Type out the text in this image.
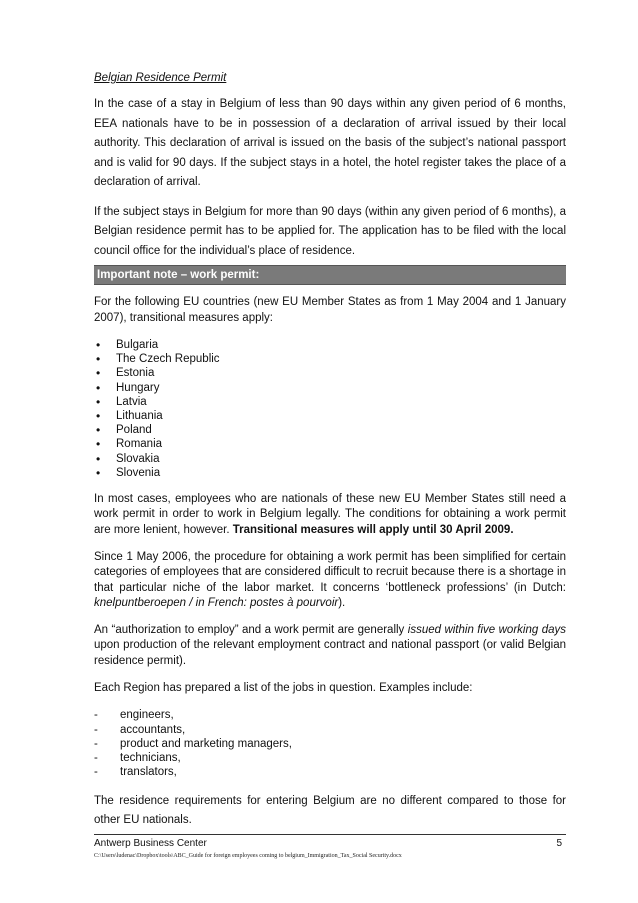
Belgian Residence Permit

In the case of a stay in Belgium of less than 90 days within any given period of 6 months, EEA nationals have to be in possession of a declaration of arrival issued by their local authority. This declaration of arrival is issued on the basis of the subject’s national passport and is valid for 90 days. If the subject stays in a hotel, the hotel register takes the place of a declaration of arrival.

If the subject stays in Belgium for more than 90 days (within any given period of 6 months), a Belgian residence permit has to be applied for. The application has to be filed with the local council office for the individual’s place of residence.

Important note – work permit:

For the following EU countries (new EU Member States as from 1 May 2004 and 1 January 2007), transitional measures apply:

• Bulgaria
• The Czech Republic
• Estonia
• Hungary
• Latvia
• Lithuania
• Poland
• Romania
• Slovakia
• Slovenia

In most cases, employees who are nationals of these new EU Member States still need a work permit in order to work in Belgium legally. The conditions for obtaining a work permit are more lenient, however. Transitional measures will apply until 30 April 2009.

Since 1 May 2006, the procedure for obtaining a work permit has been simplified for certain categories of employees that are considered difficult to recruit because there is a shortage in that particular niche of the labor market. It concerns ‘bottleneck professions’ (in Dutch: knelpuntberoepen / in French: postes à pourvoir).

An “authorization to employ” and a work permit are generally issued within five working days upon production of the relevant employment contract and national passport (or valid Belgian residence permit).

Each Region has prepared a list of the jobs in question. Examples include:

- engineers,
- accountants,
- product and marketing managers,
- technicians,
- translators,

The residence requirements for entering Belgium are no different compared to those for other EU nationals.

Antwerp Business Center	5
C:\Users\ludenac\Dropbox\tools\ABC_Guide for foreign employees coming to belgium_Immigration_Tax_Social Security.docx
